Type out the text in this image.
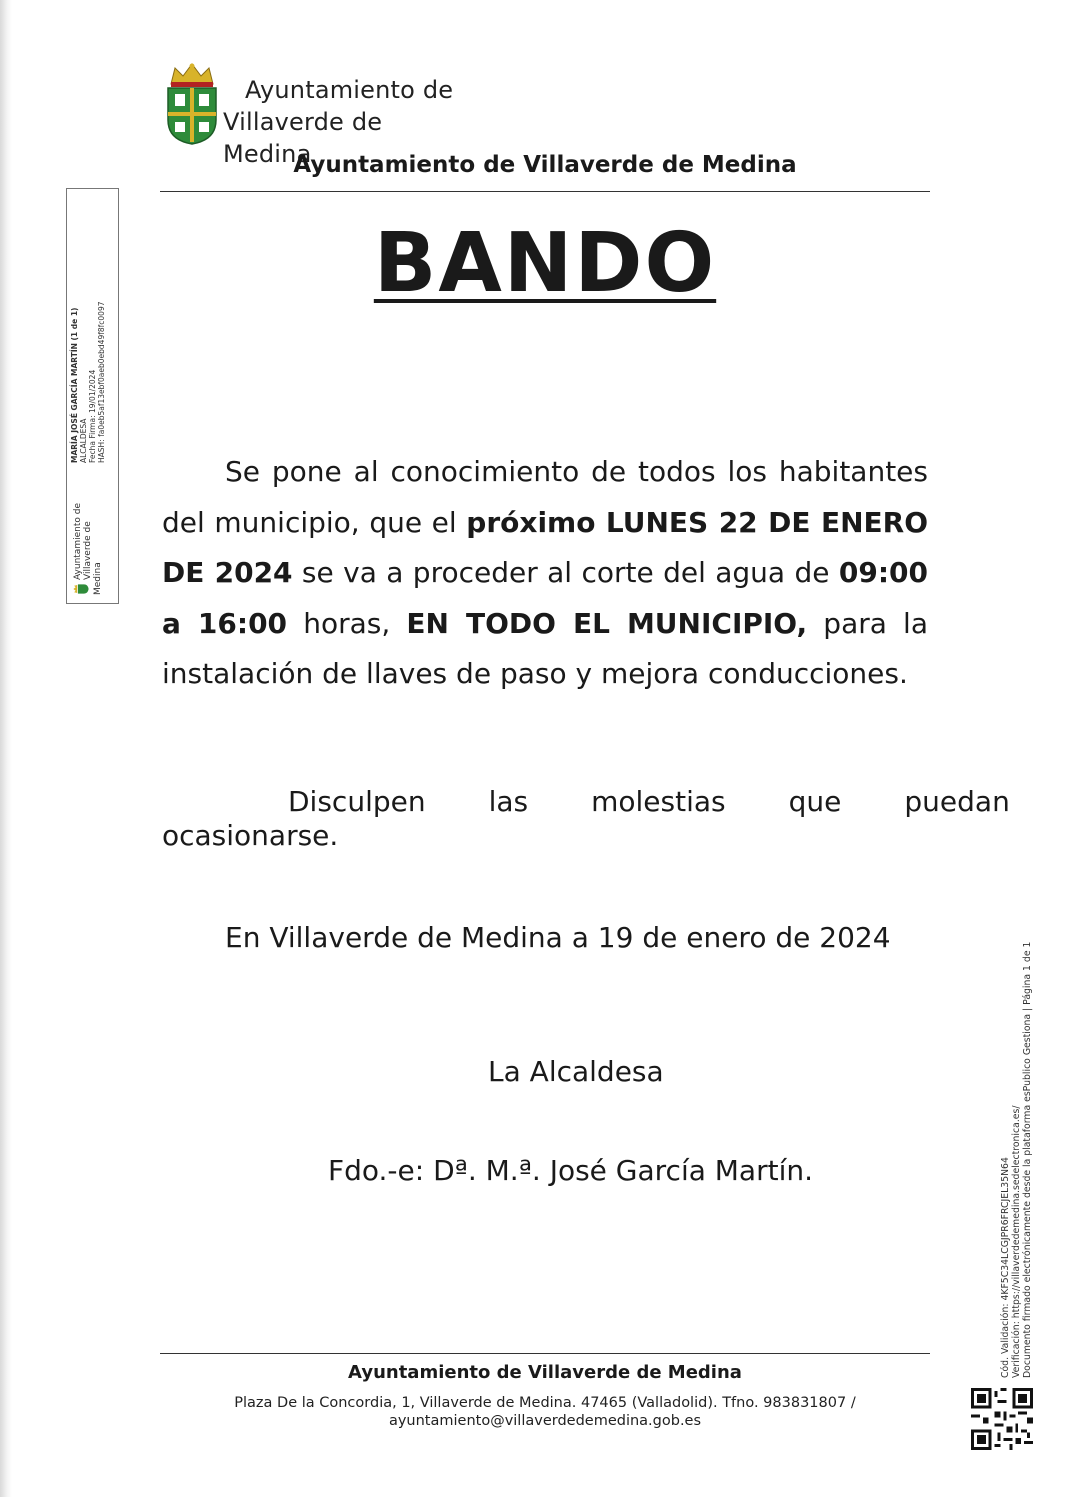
Ayuntamiento de
Villaverde de Medina
Ayuntamiento de Villaverde de Medina
BANDO
Se pone al conocimiento de todos los habitantes del municipio, que el próximo LUNES 22 DE ENERO DE 2024 se va a proceder al corte del agua de 09:00 a 16:00 horas, EN TODO EL MUNICIPIO, para la instalación de llaves de paso y mejora conducciones.
Disculpen	las	molestias	que	puedan
ocasionarse.
En Villaverde de Medina a 19 de enero de 2024
La Alcaldesa
Fdo.-e: Dª. M.ª. José García Martín.
Ayuntamiento de Villaverde de Medina
Plaza De la Concordia, 1, Villaverde de Medina. 47465 (Valladolid). Tfno. 983831807 /
ayuntamiento@villaverdedemedina.gob.es
Ayuntamiento de Villaverde de Medina
MARÍA JOSÉ GARCÍA MARTÍN (1 de 1) ALCALDESA Fecha Firma: 19/01/2024 HASH: fa0eb5af13ebf0aeb0ebd49f8fc0097
Cód. Validación: 4KF5C34LCGJPR6FRCJEL35N64 Verificación: https://villaverdedemedina.sedelectronica.es/ Documento firmado electrónicamente desde la plataforma esPublico Gestiona | Página 1 de 1
